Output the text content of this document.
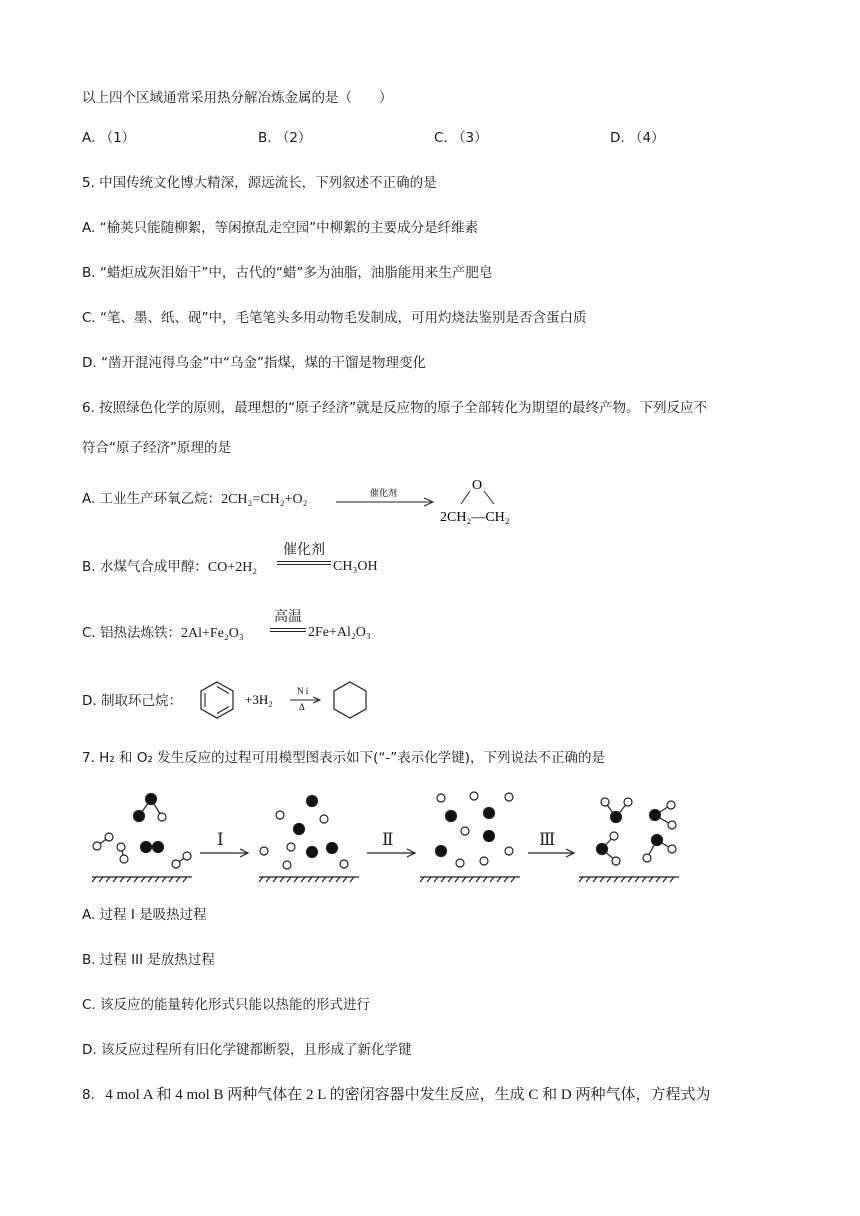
以上四个区域通常采用热分解冶炼金属的是（　　）
A. （1）	B. （2）	C. （3）	D. （4）
5. 中国传统文化博大精深，源远流长，下列叙述不正确的是
A. “榆荚只能随柳絮，等闲撩乱走空园”中柳絮的主要成分是纤维素
B. “蜡炬成灰泪始干”中，古代的“蜡”多为油脂，油脂能用来生产肥皂
C. “笔、墨、纸、砚”中，毛笔笔头多用动物毛发制成，可用灼烧法鉴别是否含蛋白质
D. “凿开混沌得乌金”中“乌金”指煤，煤的干馏是物理变化
6. 按照绿色化学的原则，最理想的“原子经济”就是反应物的原子全部转化为期望的最终产物。下列反应不
符合“原子经济”原理的是
A. 工业生产环氧乙烷：2CH₂=CH₂+O₂	催化剂	O
2CH₂—CH₂
B. 水煤气合成甲醇：CO+2H₂
催化剂
CH₃OH
C. 铝热法炼铁：2Al+Fe₂O₃
高温
2Fe+Al₂O₃
D. 制取环己烷：	+3H₂
N i
Δ
7. H₂ 和 O₂ 发生反应的过程可用模型图表示如下(“-”表示化学键)，下列说法不正确的是
Ⅰ	Ⅱ	Ⅲ
A. 过程 I 是吸热过程
B. 过程 III 是放热过程
C. 该反应的能量转化形式只能以热能的形式进行
D. 该反应过程所有旧化学键都断裂，且形成了新化学键
8. 4 mol A 和 4 mol B 两种气体在 2 L 的密闭容器中发生反应，生成 C 和 D 两种气体，方程式为
